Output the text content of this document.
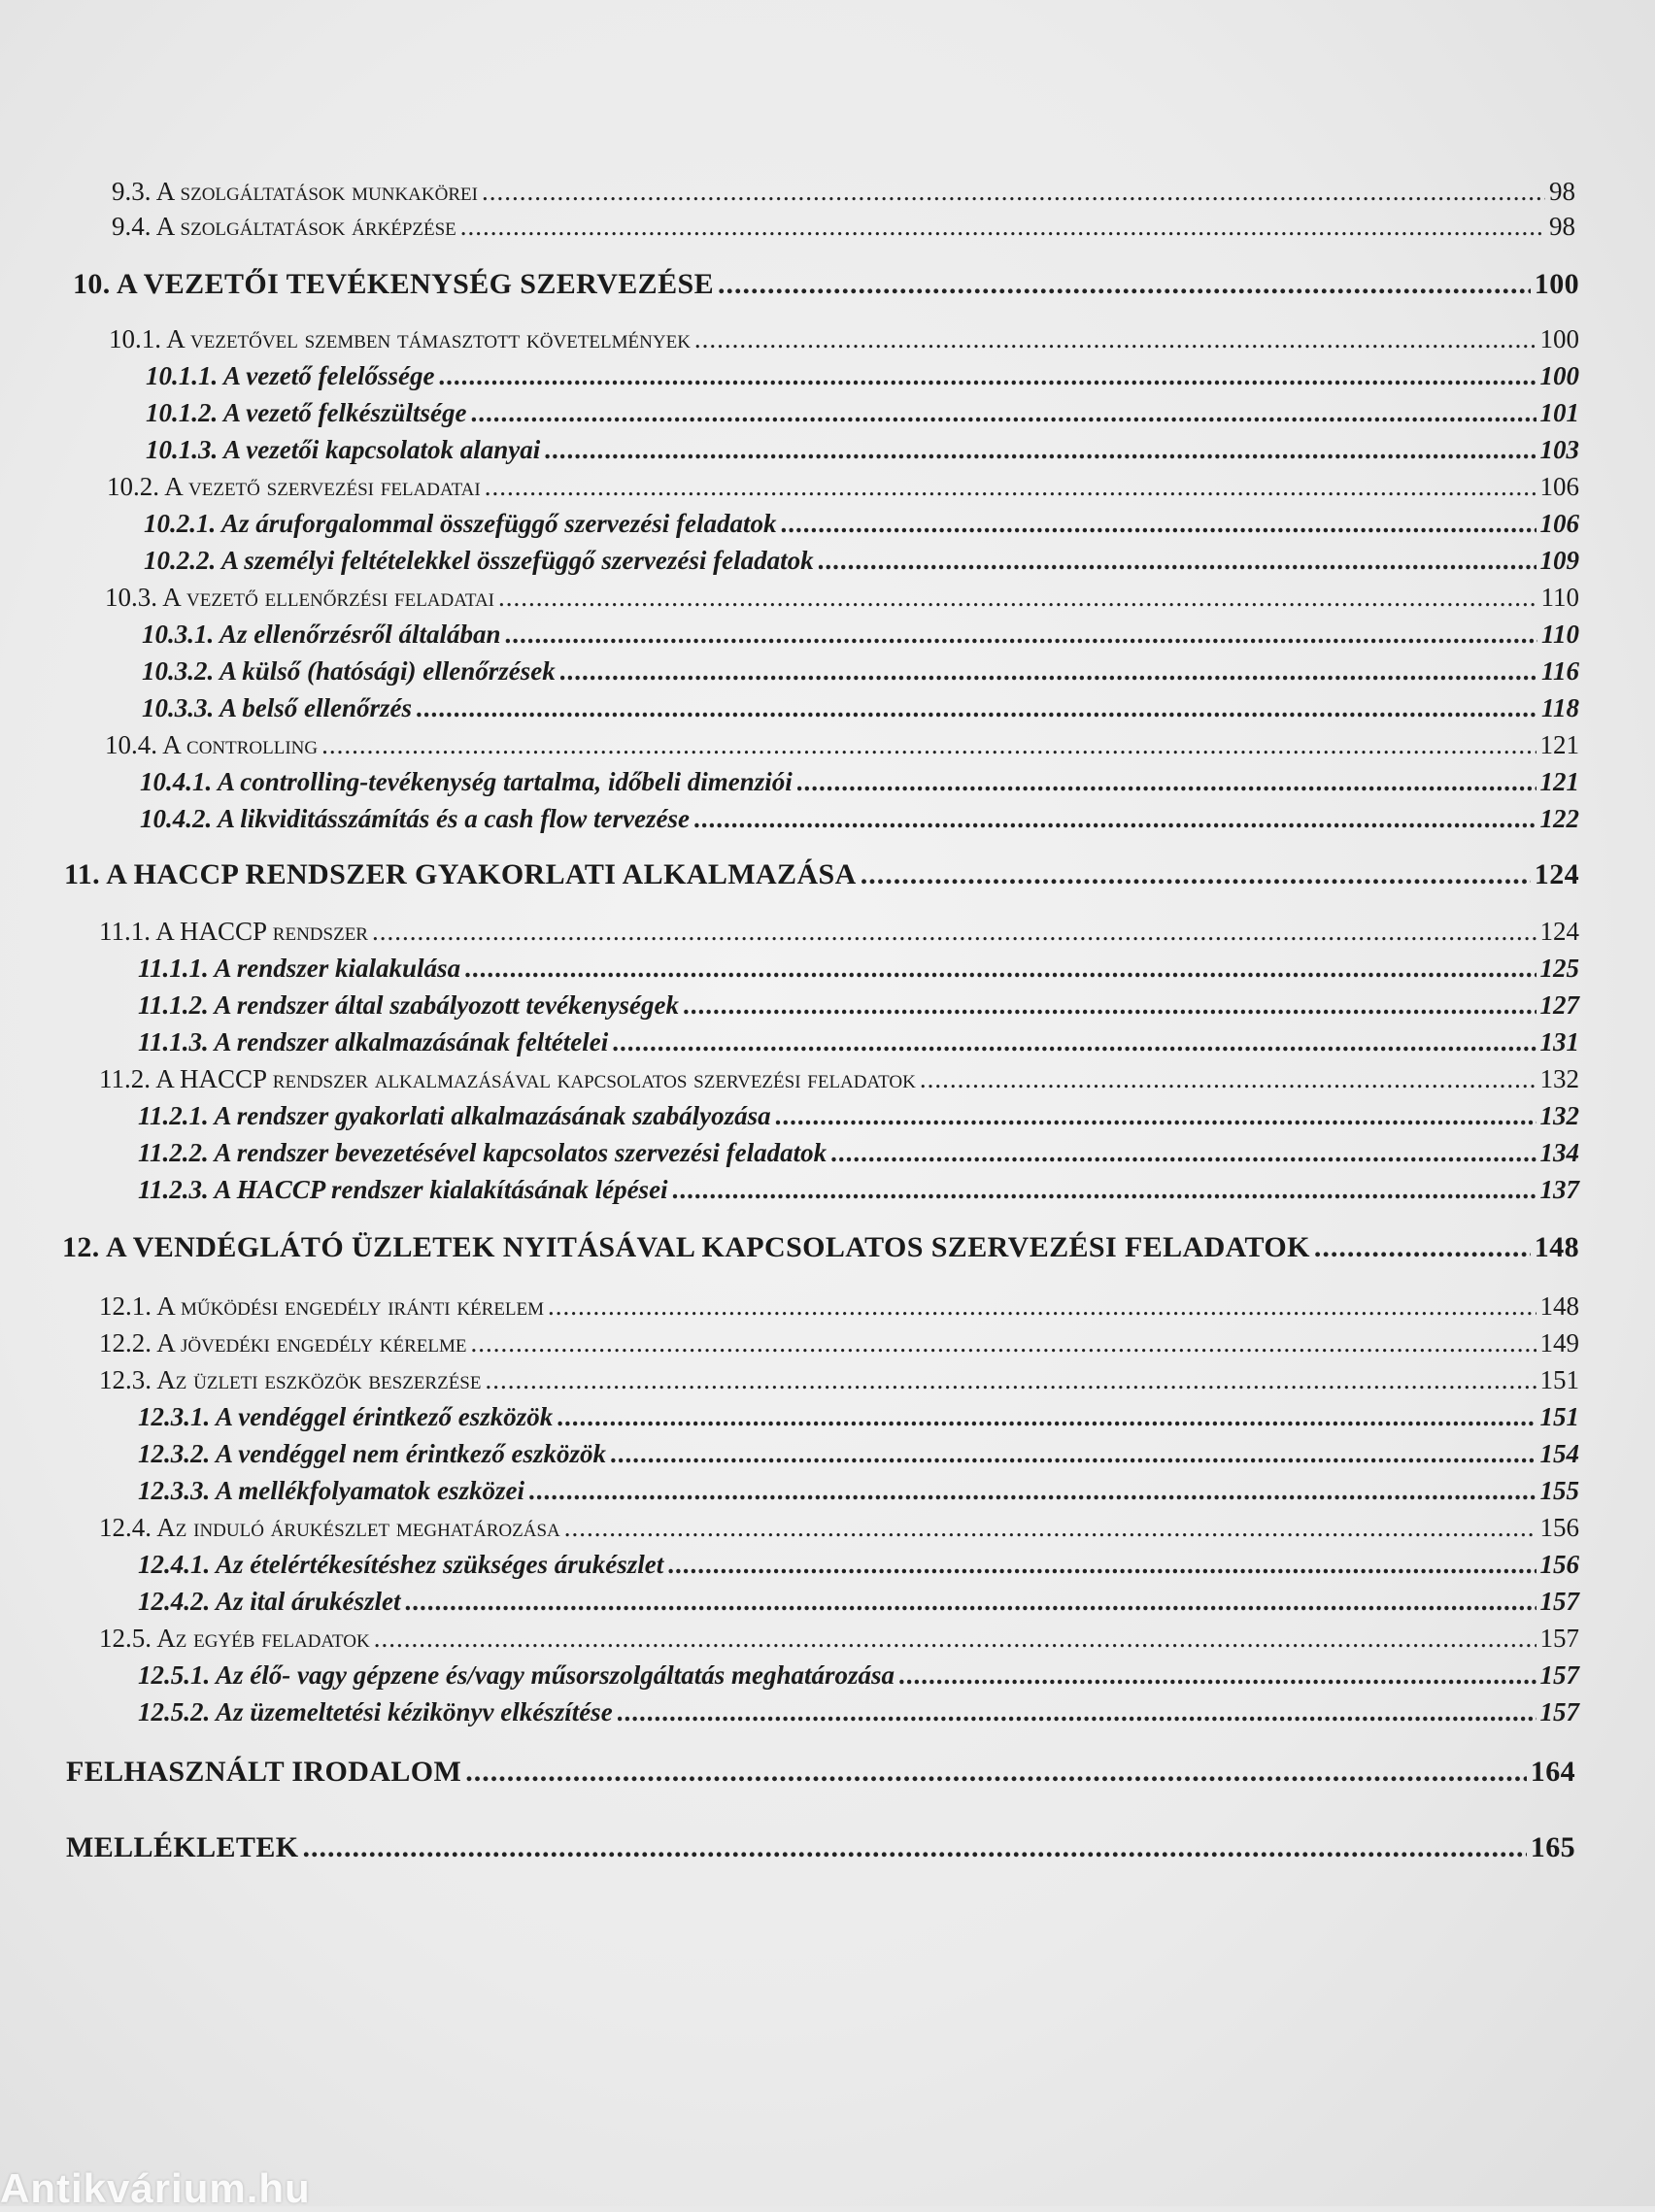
9.3. A szolgáltatások munkakörei .....	98
9.4. A szolgáltatások árképzése .....	98
10. A VEZETŐI TEVÉKENYSÉG SZERVEZÉSE .....	100
10.1. A vezetővel szemben támasztott követelmények .....	100
10.1.1. A vezető felelőssége .....	100
10.1.2. A vezető felkészültsége .....	101
10.1.3. A vezetői kapcsolatok alanyai .....	103
10.2. A vezető szervezési feladatai .....	106
10.2.1. Az áruforgalommal összefüggő szervezési feladatok .....	106
10.2.2. A személyi feltételekkel összefüggő szervezési feladatok .....	109
10.3. A vezető ellenőrzési feladatai .....	110
10.3.1. Az ellenőrzésről általában .....	110
10.3.2. A külső (hatósági) ellenőrzések .....	116
10.3.3. A belső ellenőrzés .....	118
10.4. A controlling .....	121
10.4.1. A controlling-tevékenység tartalma, időbeli dimenziói .....	121
10.4.2. A likviditásszámítás és a cash flow tervezése .....	122
11. A HACCP RENDSZER GYAKORLATI ALKALMAZÁSA .....	124
11.1. A HACCP rendszer .....	124
11.1.1. A rendszer kialakulása .....	125
11.1.2. A rendszer által szabályozott tevékenységek .....	127
11.1.3. A rendszer alkalmazásának feltételei .....	131
11.2. A HACCP rendszer alkalmazásával kapcsolatos szervezési feladatok .....	132
11.2.1. A rendszer gyakorlati alkalmazásának szabályozása .....	132
11.2.2. A rendszer bevezetésével kapcsolatos szervezési feladatok .....	134
11.2.3. A HACCP rendszer kialakításának lépései .....	137
12. A VENDÉGLÁTÓ ÜZLETEK NYITÁSÁVAL KAPCSOLATOS SZERVEZÉSI FELADATOK .....	148
12.1. A működési engedély iránti kérelem .....	148
12.2. A jövedéki engedély kérelme .....	149
12.3. Az üzleti eszközök beszerzése .....	151
12.3.1. A vendéggel érintkező eszközök .....	151
12.3.2. A vendéggel nem érintkező eszközök .....	154
12.3.3. A mellékfolyamatok eszközei .....	155
12.4. Az induló árukészlet meghatározása .....	156
12.4.1. Az ételértékesítéshez szükséges árukészlet .....	156
12.4.2. Az ital árukészlet .....	157
12.5. Az egyéb feladatok .....	157
12.5.1. Az élő- vagy gépzene és/vagy műsorszolgáltatás meghatározása .....	157
12.5.2. Az üzemeltetési kézikönyv elkészítése .....	157
FELHASZNÁLT IRODALOM .....	164
MELLÉKLETEK .....	165
Antikvárium.hu
